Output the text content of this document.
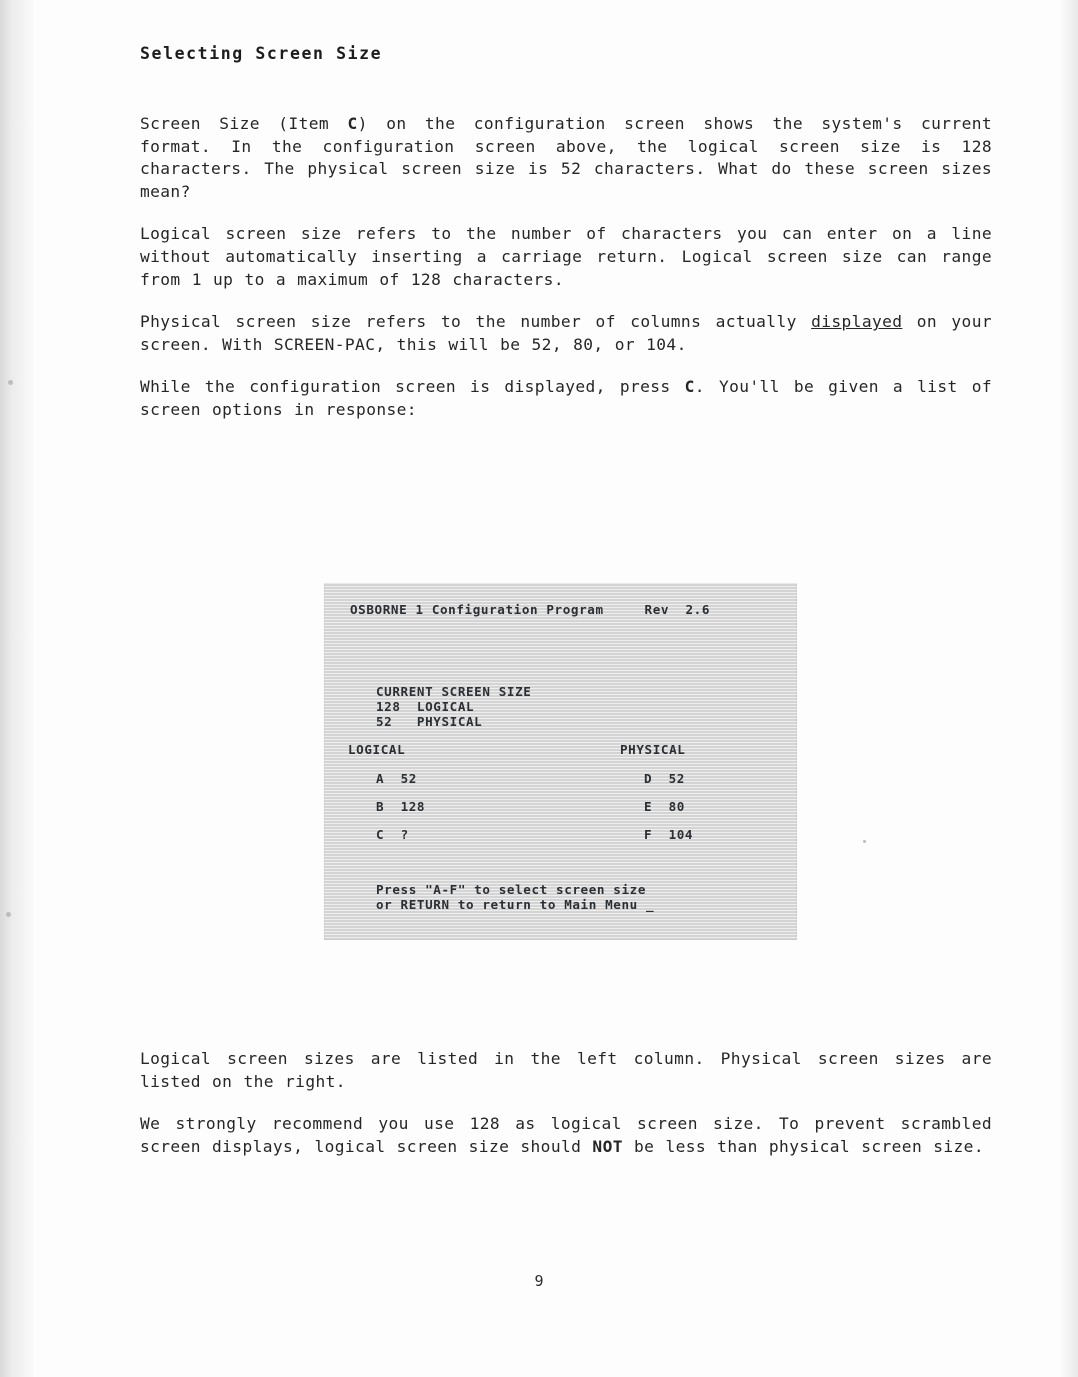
Selecting Screen Size

Screen Size (Item C) on the configuration screen shows the system's current format. In the configuration screen above, the logical screen size is 128 characters. The physical screen size is 52 characters. What do these screen sizes mean?

Logical screen size refers to the number of characters you can enter on a line without automatically inserting a carriage return. Logical screen size can range from 1 up to a maximum of 128 characters.

Physical screen size refers to the number of columns actually displayed on your screen. With SCREEN-PAC, this will be 52, 80, or 104.

While the configuration screen is displayed, press C. You'll be given a list of screen options in response:

OSBORNE 1 Configuration Program     Rev  2.6
CURRENT SCREEN SIZE
128  LOGICAL
52   PHYSICAL
LOGICAL	PHYSICAL
A 52
B 128
C ?
D 52
E 80
F 104
Press "A-F" to select screen size
or RETURN to return to Main Menu _

Logical screen sizes are listed in the left column. Physical screen sizes are listed on the right.

We strongly recommend you use 128 as logical screen size. To prevent scrambled screen displays, logical screen size should NOT be less than physical screen size.

9
